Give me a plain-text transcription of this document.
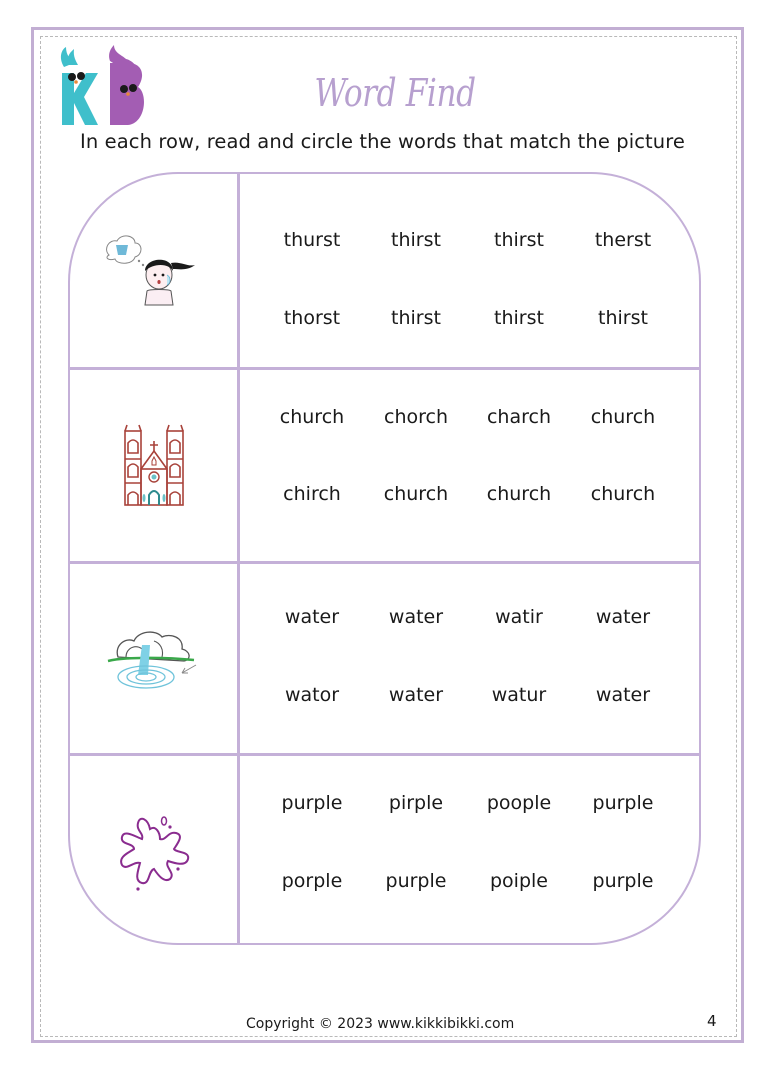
Word Find
In each row, read and circle the words that match the picture
thurst	thirst	thirst	therst
thorst	thirst	thirst	thirst
church	chorch	charch	church
chirch	church	church	church
water	water	watir	water
wator	water	watur	water
purple	pirple	poople	purple
porple	purple	poiple	purple
Copyright © 2023 www.kikkibikki.com	4
